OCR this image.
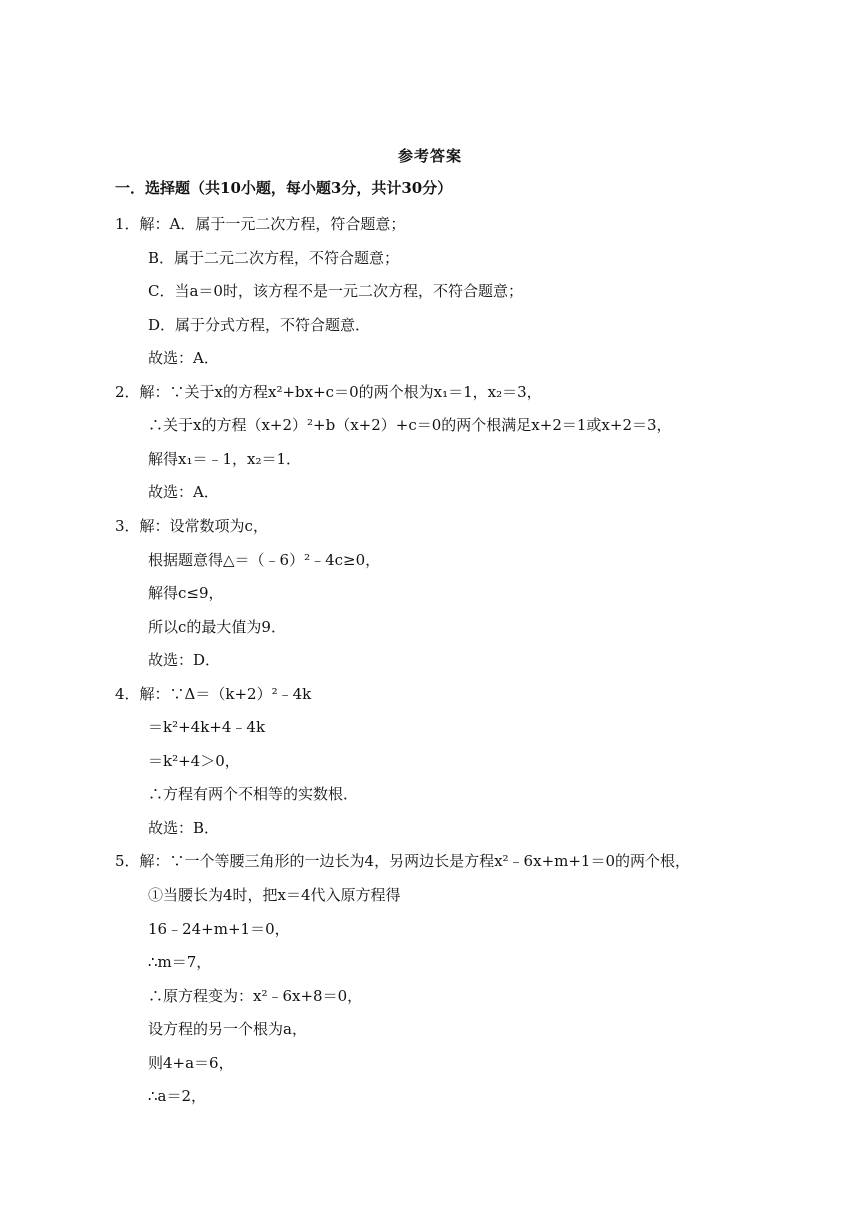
参考答案
一．选择题（共10小题，每小题3分，共计30分）
1．解：A．属于一元二次方程，符合题意；
B．属于二元二次方程，不符合题意；
C．当a＝0时，该方程不是一元二次方程，不符合题意；
D．属于分式方程，不符合题意．
故选：A．
2．解：∵关于x的方程x²+bx+c＝0的两个根为x₁＝1，x₂＝3，
∴关于x的方程（x+2）²+b（x+2）+c＝0的两个根满足x+2＝1或x+2＝3，
解得x₁＝﹣1，x₂＝1．
故选：A．
3．解：设常数项为c，
根据题意得△＝（﹣6）²﹣4c≥0，
解得c≤9，
所以c的最大值为9．
故选：D．
4．解：∵Δ＝（k+2）²﹣4k
＝k²+4k+4﹣4k
＝k²+4＞0，
∴方程有两个不相等的实数根．
故选：B．
5．解：∵一个等腰三角形的一边长为4，另两边长是方程x²﹣6x+m+1＝0的两个根，
①当腰长为4时，把x＝4代入原方程得
16﹣24+m+1＝0，
∴m＝7，
∴原方程变为：x²﹣6x+8＝0，
设方程的另一个根为a，
则4+a＝6，
∴a＝2，
